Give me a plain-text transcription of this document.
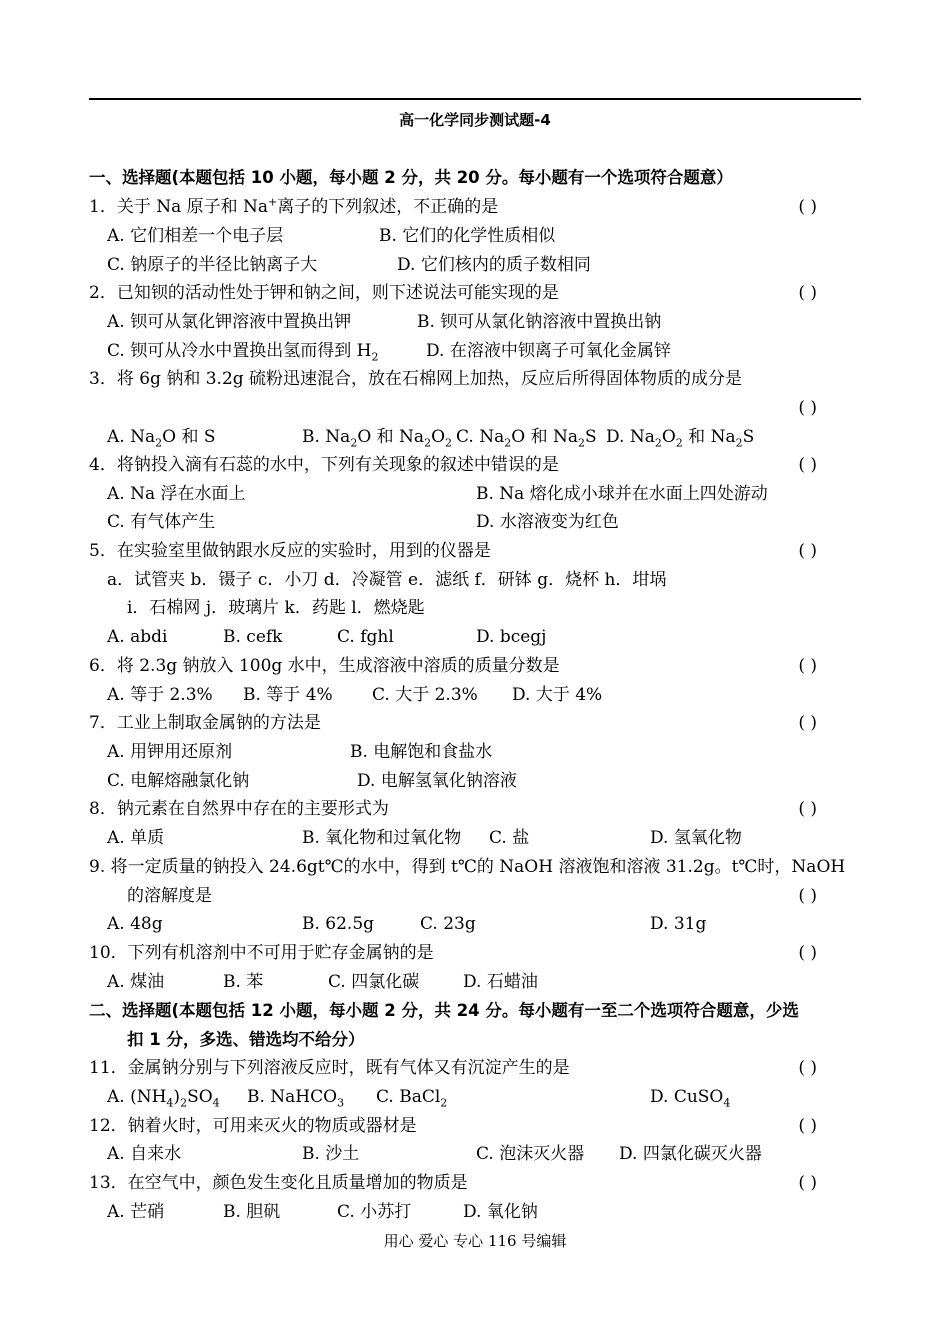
高一化学同步测试题-4
一、选择题(本题包括 10 小题，每小题 2 分，共 20 分。每小题有一个选项符合题意）
1．关于 Na 原子和 Na+离子的下列叙述，不正确的是	( )
A. 它们相差一个电子层	B. 它们的化学性质相似
C. 钠原子的半径比钠离子大	D. 它们核内的质子数相同
2．已知钡的活动性处于钾和钠之间，则下述说法可能实现的是	( )
A. 钡可从氯化钾溶液中置换出钾	B. 钡可从氯化钠溶液中置换出钠
C. 钡可从冷水中置换出氢而得到 $H_2$	D. 在溶液中钡离子可氧化金属锌
3．将 6g 钠和 3.2g 硫粉迅速混合，放在石棉网上加热，反应后所得固体物质的成分是
( )
A. $Na_2O$ 和 S	B. $Na_2O$ 和 $Na_2O_2$ C. $Na_2O$ 和 $Na_2S$ D. $Na_2O_2$ 和 $Na_2S$
4．将钠投入滴有石蕊的水中，下列有关现象的叙述中错误的是	( )
A. Na 浮在水面上	B. Na 熔化成小球并在水面上四处游动
C. 有气体产生	D. 水溶液变为红色
5．在实验室里做钠跟水反应的实验时，用到的仪器是	( )
a．试管夹 b．镊子 c．小刀 d．冷凝管 e．滤纸 f．研钵 g．烧杯 h．坩埚
i．石棉网 j．玻璃片 k．药匙 l．燃烧匙
A. abdi	B. cefk	C. fghl	D. bcegj
6．将 2.3g 钠放入 100g 水中，生成溶液中溶质的质量分数是	( )
A. 等于 2.3% B. 等于 4% C. 大于 2.3% D. 大于 4%
7．工业上制取金属钠的方法是	( )
A. 用钾用还原剂	B. 电解饱和食盐水
C. 电解熔融氯化钠	D. 电解氢氧化钠溶液
8．钠元素在自然界中存在的主要形式为	( )
A. 单质	B. 氧化物和过氧化物 C. 盐	D. 氢氧化物
9. 将一定质量的钠投入 24.6gt℃的水中，得到 t℃的 NaOH 溶液饱和溶液 31.2g。t℃时，NaOH
的溶解度是	( )
A. 48g	B. 62.5g	C. 23g	D. 31g
10．下列有机溶剂中不可用于贮存金属钠的是	( )
A. 煤油	B. 苯	C. 四氯化碳	D. 石蜡油
二、选择题(本题包括 12 小题，每小题 2 分，共 24 分。每小题有一至二个选项符合题意，少选
扣 1 分，多选、错选均不给分）
11．金属钠分别与下列溶液反应时，既有气体又有沉淀产生的是	( )
A. $(NH_4)_2SO_4$ B. NaHCO$_3$ C. BaCl$_2$	D. CuSO$_4$
12．钠着火时，可用来灭火的物质或器材是	( )
A. 自来水	B. 沙土	C. 泡沫灭火器 D. 四氯化碳灭火器
13．在空气中，颜色发生变化且质量增加的物质是	( )
A. 芒硝	B. 胆矾	C. 小苏打	D. 氧化钠
用心 爱心 专心 116 号编辑
